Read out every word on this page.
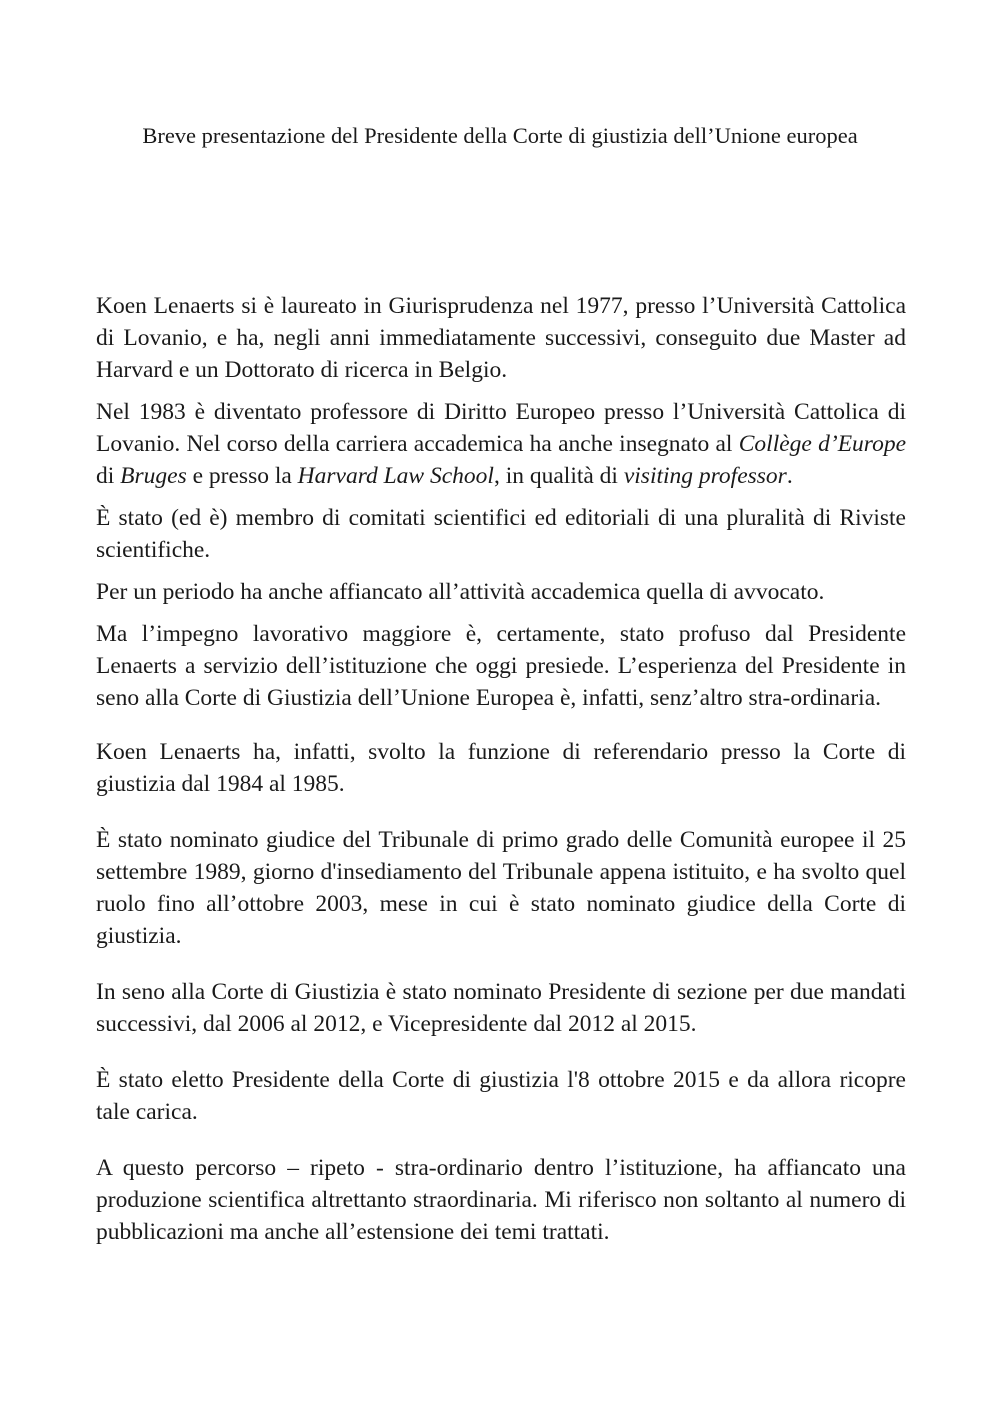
Breve presentazione del Presidente della Corte di giustizia dell’Unione europea

Koen Lenaerts si è laureato in Giurisprudenza nel 1977, presso l’Università Cattolica di Lovanio, e ha, negli anni immediatamente successivi, conseguito due Master ad Harvard e un Dottorato di ricerca in Belgio.

Nel 1983 è diventato professore di Diritto Europeo presso l’Università Cattolica di Lovanio. Nel corso della carriera accademica ha anche insegnato al Collège d’Europe di Bruges e presso la Harvard Law School, in qualità di visiting professor.

È stato (ed è) membro di comitati scientifici ed editoriali di una pluralità di Riviste scientifiche.

Per un periodo ha anche affiancato all’attività accademica quella di avvocato.

Ma l’impegno lavorativo maggiore è, certamente, stato profuso dal Presidente Lenaerts a servizio dell’istituzione che oggi presiede. L’esperienza del Presidente in seno alla Corte di Giustizia dell’Unione Europea è, infatti, senz’altro stra-ordinaria.

Koen Lenaerts ha, infatti, svolto la funzione di referendario presso la Corte di giustizia dal 1984 al 1985.

È stato nominato giudice del Tribunale di primo grado delle Comunità europee il 25 settembre 1989, giorno d'insediamento del Tribunale appena istituito, e ha svolto quel ruolo fino all’ottobre 2003, mese in cui è stato nominato giudice della Corte di giustizia.

In seno alla Corte di Giustizia è stato nominato Presidente di sezione per due mandati successivi, dal 2006 al 2012, e Vicepresidente dal 2012 al 2015.

È stato eletto Presidente della Corte di giustizia l'8 ottobre 2015 e da allora ricopre tale carica.

A questo percorso – ripeto - stra-ordinario dentro l’istituzione, ha affiancato una produzione scientifica altrettanto straordinaria. Mi riferisco non soltanto al numero di pubblicazioni ma anche all’estensione dei temi trattati.
